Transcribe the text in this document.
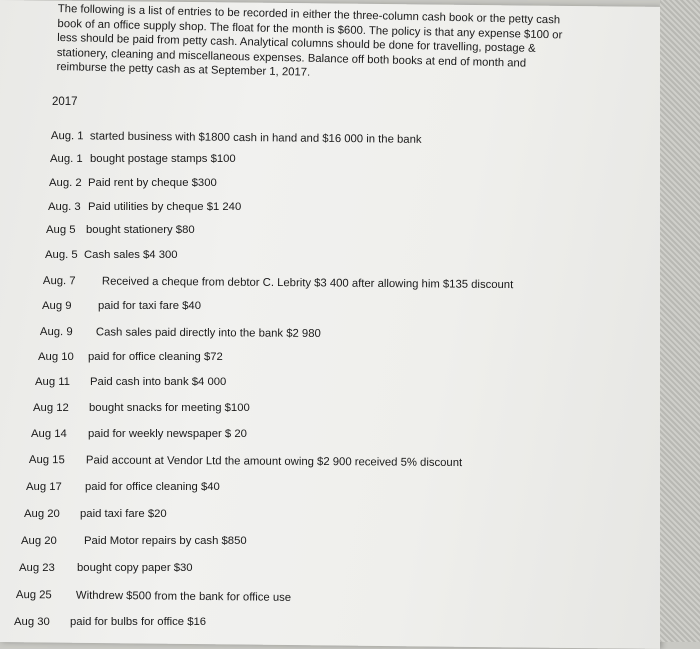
The following is a list of entries to be recorded in either the three-column cash book or the petty cash book of an office supply shop. The float for the month is $600. The policy is that any expense $100 or less should be paid from petty cash. Analytical columns should be done for travelling, postage & stationery, cleaning and miscellaneous expenses. Balance off both books at end of month and reimburse the petty cash as at September 1, 2017.
2017
Aug. 1 started business with $1800 cash in hand and $16 000 in the bank
Aug. 1 bought postage stamps $100
Aug. 2 Paid rent by cheque $300
Aug. 3 Paid utilities by cheque $1 240
Aug 5 bought stationery $80
Aug. 5 Cash sales $4 300
Aug. 7 Received a cheque from debtor C. Lebrity $3 400 after allowing him $135 discount
Aug 9 paid for taxi fare $40
Aug. 9 Cash sales paid directly into the bank $2 980
Aug 10 paid for office cleaning $72
Aug 11 Paid cash into bank $4 000
Aug 12 bought snacks for meeting $100
Aug 14 paid for weekly newspaper $ 20
Aug 15 Paid account at Vendor Ltd the amount owing $2 900 received 5% discount
Aug 17 paid for office cleaning $40
Aug 20 paid taxi fare $20
Aug 20 Paid Motor repairs by cash $850
Aug 23 bought copy paper $30
Aug 25 Withdrew $500 from the bank for office use
Aug 30 paid for bulbs for office $16
